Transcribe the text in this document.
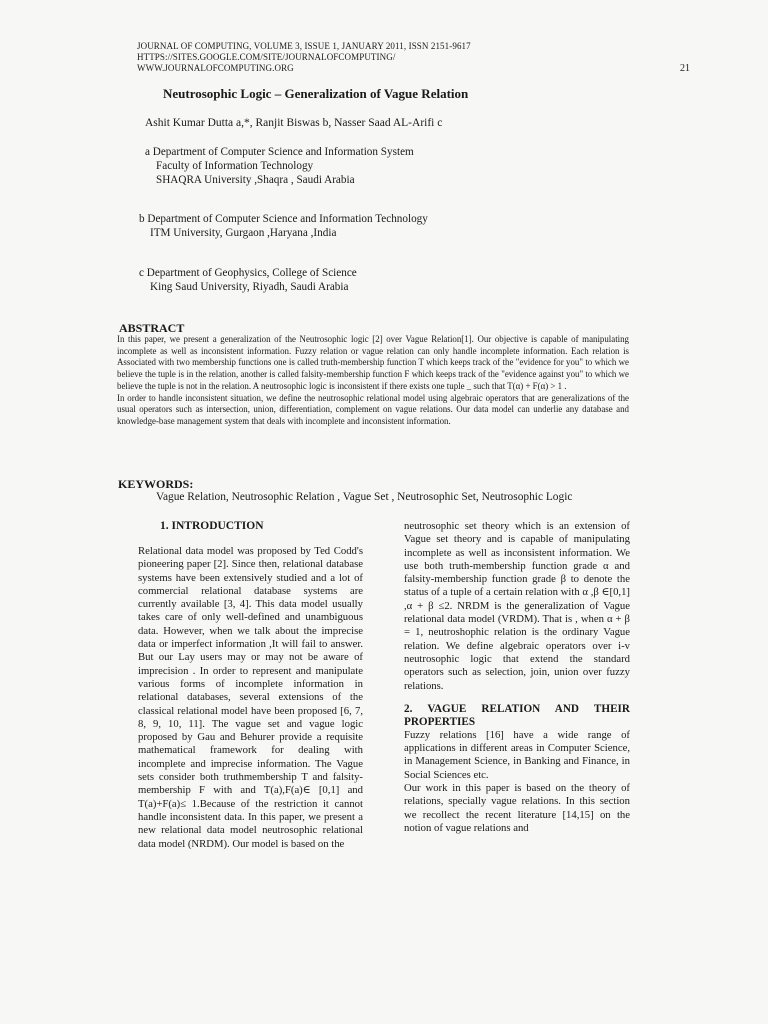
JOURNAL OF COMPUTING, VOLUME 3, ISSUE 1, JANUARY 2011, ISSN 2151-9617
HTTPS://SITES.GOOGLE.COM/SITE/JOURNALOFCOMPUTING/
WWW.JOURNALOFCOMPUTING.ORG	21
Neutrosophic Logic – Generalization of Vague Relation
Ashit Kumar Dutta a,*, Ranjit Biswas b, Nasser Saad AL-Arifi c
a Department of Computer Science and Information System
Faculty of Information Technology
SHAQRA University ,Shaqra , Saudi Arabia
b Department of Computer Science and Information Technology
ITM University, Gurgaon ,Haryana ,India
c Department of Geophysics, College of Science
King Saud University, Riyadh, Saudi Arabia
ABSTRACT

In this paper, we present a generalization of the Neutrosophic logic [2] over Vague Relation[1]. Our objective is capable of manipulating incomplete as well as inconsistent information. Fuzzy relation or vague relation can only handle incomplete information. Each relation is Associated with two membership functions one is called truth-membership function T which keeps track of the "evidence for you" to which we believe the tuple is in the relation, another is called falsity-membership function F which keeps track of the "evidence against you" to which we believe the tuple is not in the relation. A neutrosophic logic is inconsistent if there exists one tuple _ such that T(α) + F(α) > 1 .

In order to handle inconsistent situation, we define the neutrosophic relational model using algebraic operators that are generalizations of the usual operators such as intersection, union, differentiation, complement on vague relations. Our data model can underlie any database and knowledge-base management system that deals with incomplete and inconsistent information.

KEYWORDS:
Vague Relation, Neutrosophic Relation , Vague Set , Neutrosophic Set, Neutrosophic Logic
1. INTRODUCTION

Relational data model was proposed by Ted Codd's pioneering paper [2]. Since then, relational database systems have been extensively studied and a lot of commercial relational database systems are currently available [3, 4]. This data model usually takes care of only well-defined and unambiguous data. However, when we talk about the imprecise data or imperfect information ,It will fail to answer. But our Lay users may or may not be aware of imprecision . In order to represent and manipulate various forms of incomplete information in relational databases, several extensions of the classical relational model have been proposed [6, 7, 8, 9, 10, 11]. The vague set and vague logic proposed by Gau and Behurer provide a requisite mathematical framework for dealing with incomplete and imprecise information. The Vague sets consider both truthmembership T and falsity-membership F with and T(a),F(a)∈ [0,1] and T(a)+F(a)≤ 1.Because of the restriction it cannot handle inconsistent data. In this paper, we present a new relational data model neutrosophic relational data model (NRDM). Our model is based on the

neutrosophic set theory which is an extension of Vague set theory and is capable of manipulating incomplete as well as inconsistent information. We use both truth-membership function grade α and falsity-membership function grade β to denote the status of a tuple of a certain relation with α ,β ∈[0,1] ,α + β ≤2. NRDM is the generalization of Vague relational data model (VRDM). That is , when α + β = 1, neutroshophic relation is the ordinary Vague relation. We define algebraic operators over i-v neutrosophic logic that extend the standard operators such as selection, join, union over fuzzy relations.

2. VAGUE RELATION AND THEIR PROPERTIES

Fuzzy relations [16] have a wide range of applications in different areas in Computer Science, in Management Science, in Banking and Finance, in Social Sciences etc.

Our work in this paper is based on the theory of relations, specially vague relations. In this section we recollect the recent literature [14,15] on the notion of vague relations and
